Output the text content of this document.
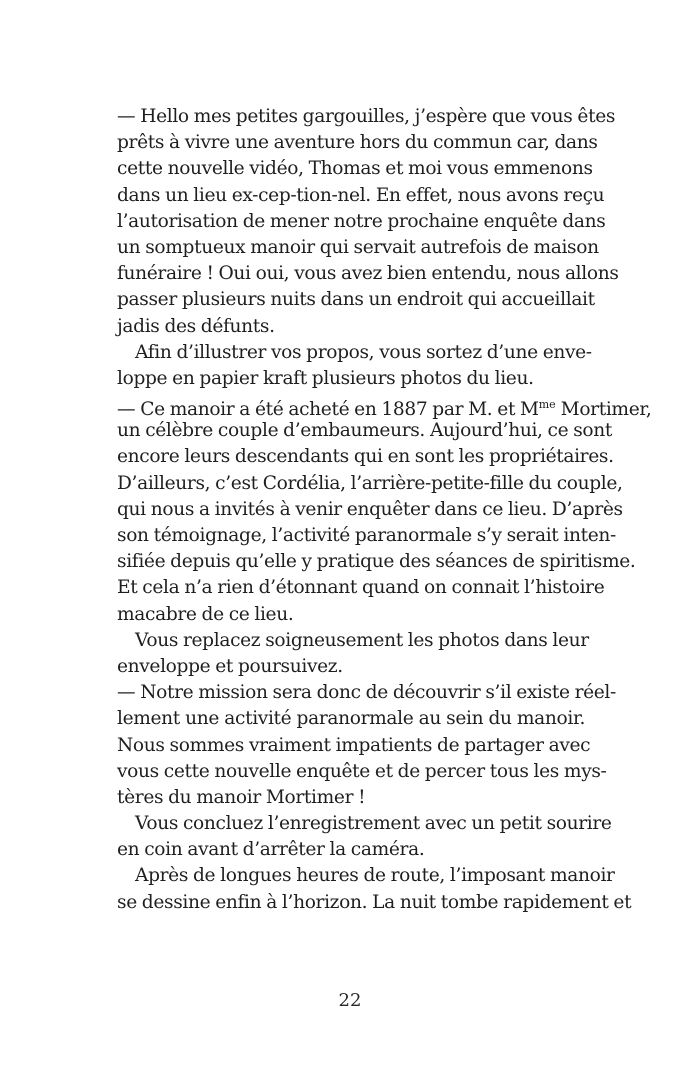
— Hello mes petites gargouilles, j’espère que vous êtes
prêts à vivre une aventure hors du commun car, dans
cette nouvelle vidéo, Thomas et moi vous emmenons
dans un lieu ex-cep-tion-nel. En effet, nous avons reçu
l’autorisation de mener notre prochaine enquête dans
un somptueux manoir qui servait autrefois de maison
funéraire ! Oui oui, vous avez bien entendu, nous allons
passer plusieurs nuits dans un endroit qui accueillait
jadis des défunts.
Afin d’illustrer vos propos, vous sortez d’une enve-
loppe en papier kraft plusieurs photos du lieu.
— Ce manoir a été acheté en 1887 par M. et $M^{me}$ Mortimer,
un célèbre couple d’embaumeurs. Aujourd’hui, ce sont
encore leurs descendants qui en sont les propriétaires.
D’ailleurs, c’est Cordélia, l’arrière-petite-fille du couple,
qui nous a invités à venir enquêter dans ce lieu. D’après
son témoignage, l’activité paranormale s’y serait inten-
sifiée depuis qu’elle y pratique des séances de spiritisme.
Et cela n’a rien d’étonnant quand on connait l’histoire
macabre de ce lieu.
Vous replacez soigneusement les photos dans leur
enveloppe et poursuivez.
— Notre mission sera donc de découvrir s’il existe réel-
lement une activité paranormale au sein du manoir.
Nous sommes vraiment impatients de partager avec
vous cette nouvelle enquête et de percer tous les mys-
tères du manoir Mortimer !
Vous concluez l’enregistrement avec un petit sourire
en coin avant d’arrêter la caméra.
Après de longues heures de route, l’imposant manoir
se dessine enfin à l’horizon. La nuit tombe rapidement et
22
